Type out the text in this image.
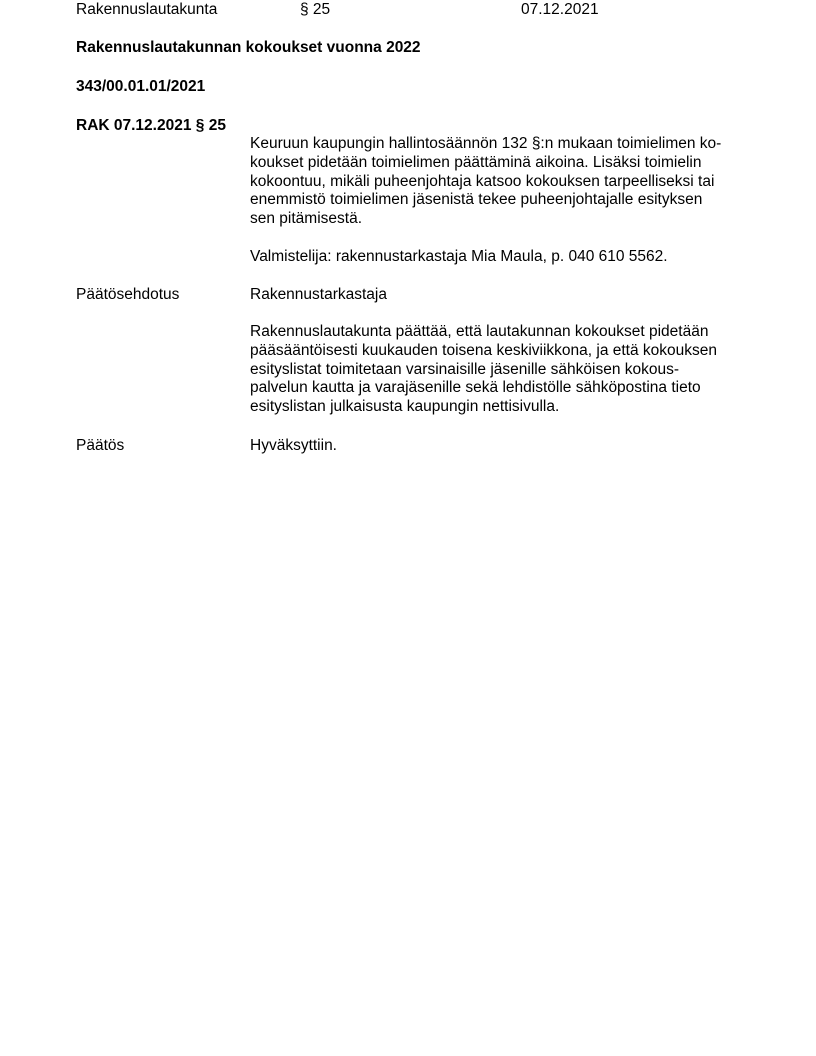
Rakennuslautakunta	§ 25	07.12.2021
Rakennuslautakunnan kokoukset vuonna 2022
343/00.01.01/2021
RAK 07.12.2021 § 25
Keuruun kaupungin hallintosäännön 132 §:n mukaan toimielimen ko-
koukset pidetään toimielimen päättäminä aikoina. Lisäksi toimielin
kokoontuu, mikäli puheenjohtaja katsoo kokouksen tarpeelliseksi tai
enemmistö toimielimen jäsenistä tekee puheenjohtajalle esityksen
sen pitämisestä.
Valmistelija: rakennustarkastaja Mia Maula, p. 040 610 5562.
Päätösehdotus	Rakennustarkastaja
Rakennuslautakunta päättää, että lautakunnan kokoukset pidetään
pääsääntöisesti kuukauden toisena keskiviikkona, ja että kokouksen
esityslistat toimitetaan varsinaisille jäsenille sähköisen kokous-
palvelun kautta ja varajäsenille sekä lehdistölle sähköpostina tieto
esityslistan julkaisusta kaupungin nettisivulla.
Päätös	Hyväksyttiin.
